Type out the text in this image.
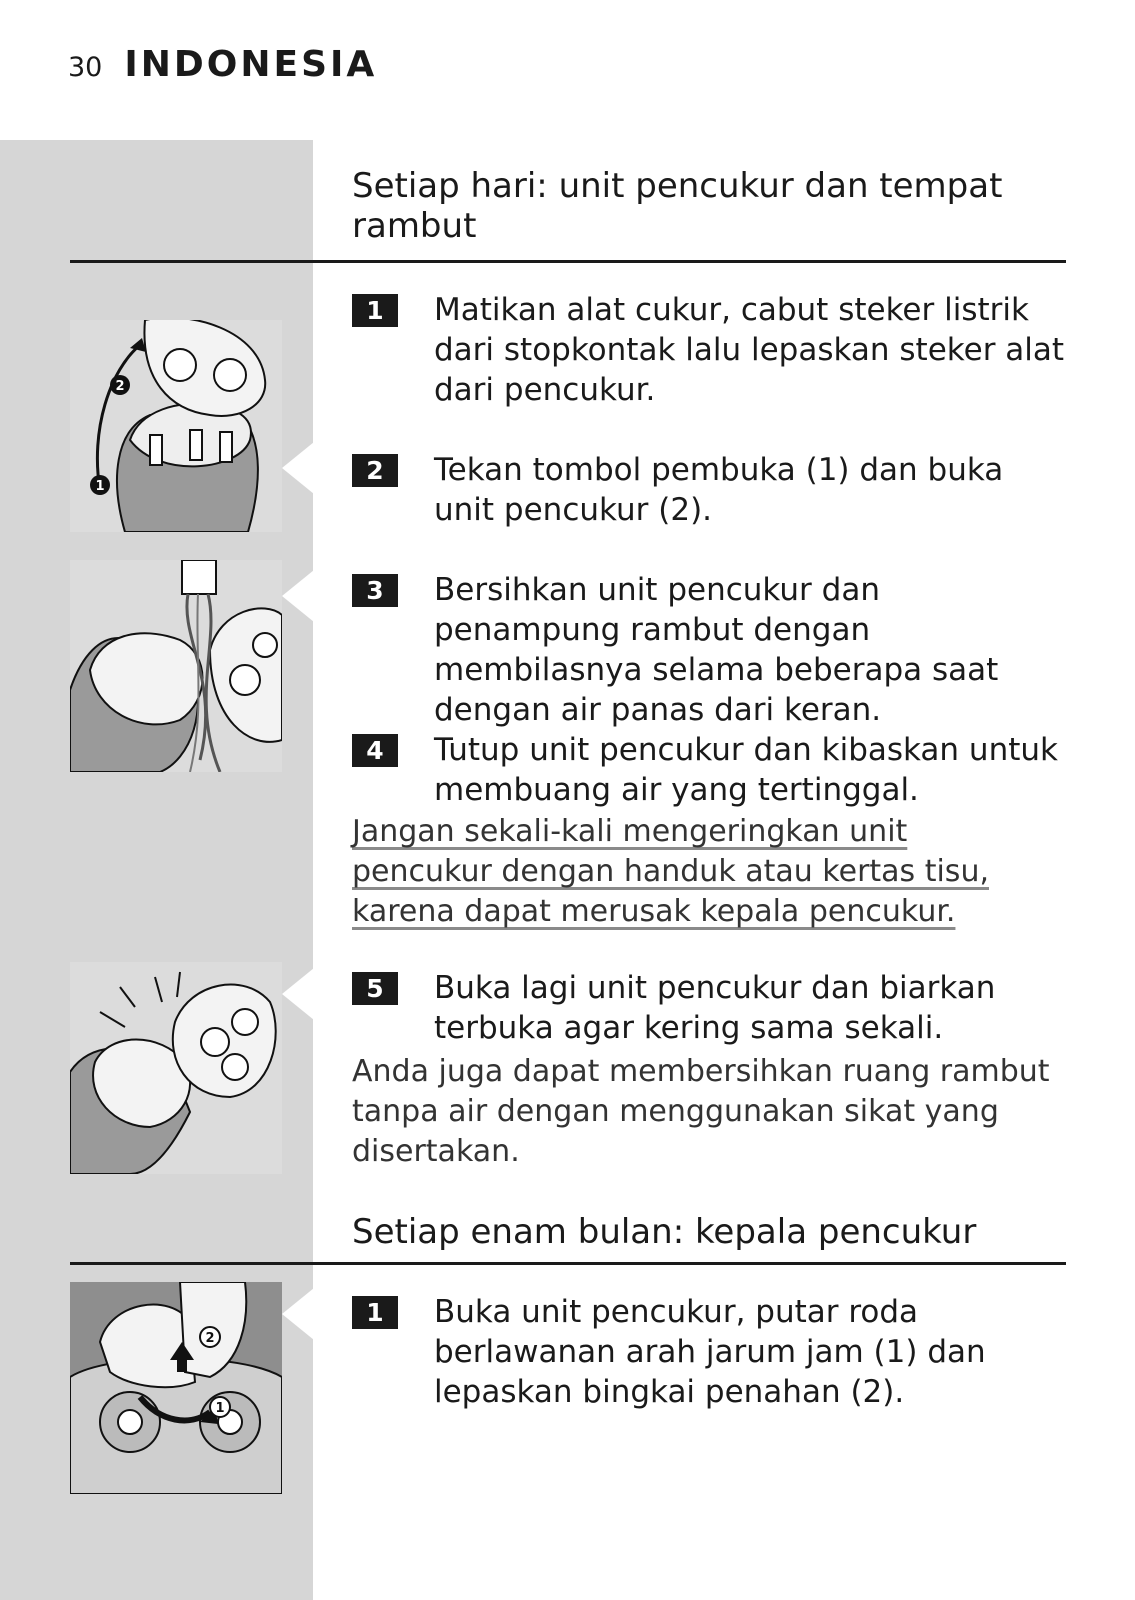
30 INDONESIA
Setiap hari: unit pencukur dan tempat rambut
2
1
1	Matikan alat cukur, cabut steker listrik dari stopkontak lalu lepaskan steker alat dari pencukur.
2	Tekan tombol pembuka (1) dan buka unit pencukur (2).
3	Bersihkan unit pencukur dan penampung rambut dengan membilasnya selama beberapa saat dengan air panas dari keran.
4	Tutup unit pencukur dan kibaskan untuk membuang air yang tertinggal.

Jangan sekali-kali mengeringkan unit pencukur dengan handuk atau kertas tisu, karena dapat merusak kepala pencukur.

5	Buka lagi unit pencukur dan biarkan terbuka agar kering sama sekali.

Anda juga dapat membersihkan ruang rambut tanpa air dengan menggunakan sikat yang disertakan.

Setiap enam bulan: kepala pencukur
2
1
1	Buka unit pencukur, putar roda berlawanan arah jarum jam (1) dan lepaskan bingkai penahan (2).
